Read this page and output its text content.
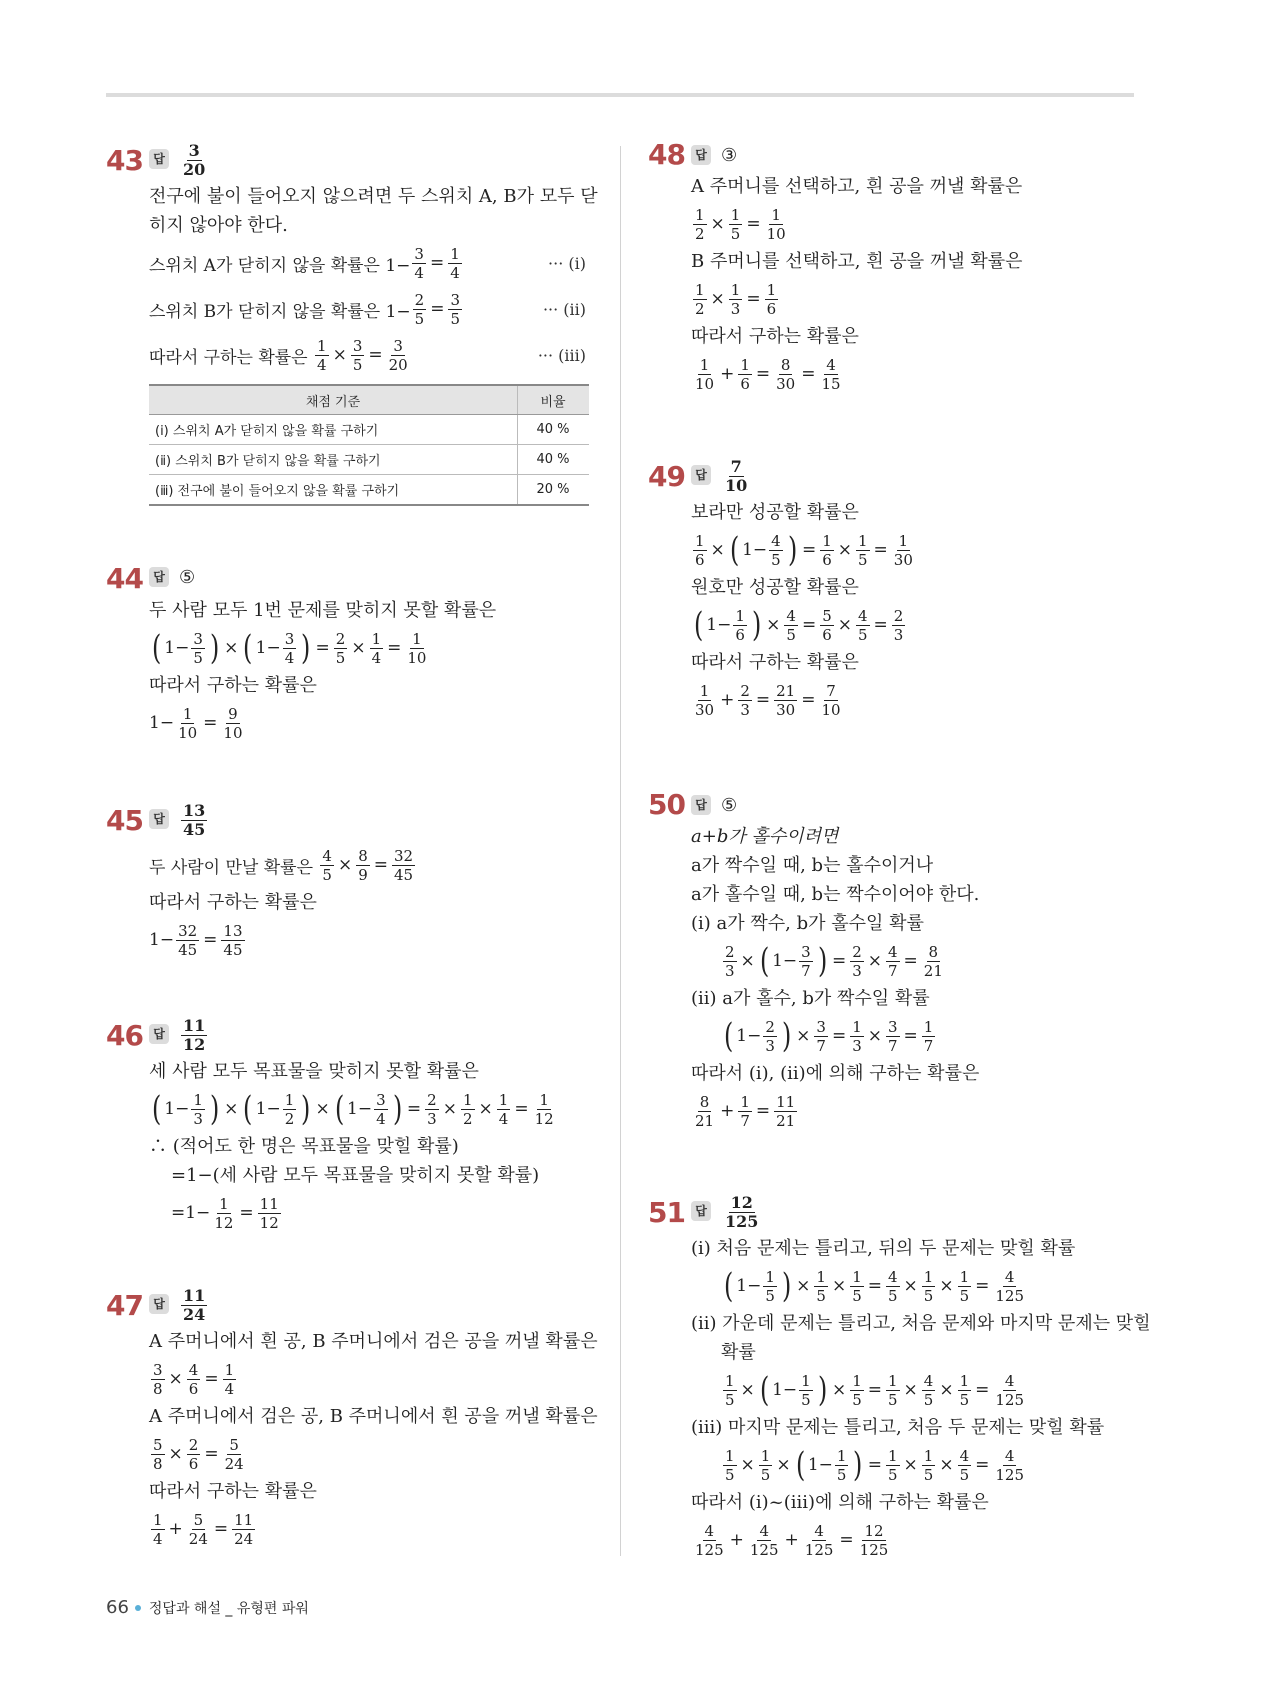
43 답 $\frac{3}{20}$
전구에 불이 들어오지 않으려면 두 스위치 A, B가 모두 닫
히지 않아야 한다.
스위치 A가 닫히지 않을 확률은 $1- \frac{3}{4} = \frac{1}{4}$	··· (ⅰ)
스위치 B가 닫히지 않을 확률은 $1- \frac{2}{5} = \frac{3}{5}$	··· (ⅱ)
따라서 구하는 확률은
$\frac{1}{4} \times \frac{3}{5} = \frac{3}{20}$	··· (ⅲ)
채점 기준	비율
(ⅰ) 스위치 A가 닫히지 않을 확률 구하기	40 %
(ⅱ) 스위치 B가 닫히지 않을 확률 구하기	40 %
(ⅲ) 전구에 불이 들어오지 않을 확률 구하기	20 %
44 답 ⑤
두 사람 모두 1번 문제를 맞히지 못할 확률은
( $1- \frac{3}{5}$ ) × ( $1- \frac{3}{4}$ ) = $\frac{2}{5} \times \frac{1}{4} = \frac{1}{10}$
따라서 구하는 확률은
$1- \frac{1}{10} = \frac{9}{10}$
45 답 $\frac{13}{45}$
두 사람이 만날 확률은
$\frac{4}{5} \times \frac{8}{9} = \frac{32}{45}$
따라서 구하는 확률은
$1- \frac{32}{45} = \frac{13}{45}$
46 답 $\frac{11}{12}$
세 사람 모두 목표물을 맞히지 못할 확률은
( $1- \frac{1}{3}$ ) × ( $1- \frac{1}{2}$ ) × ( $1- \frac{3}{4}$ ) = $\frac{2}{3} \times \frac{1}{2} \times \frac{1}{4} = \frac{1}{12}$
∴ (적어도 한 명은 목표물을 맞힐 확률)
=1−(세 사람 모두 목표물을 맞히지 못할 확률)
$=1- \frac{1}{12} = \frac{11}{12}$
47 답 $\frac{11}{24}$
A 주머니에서 흰 공, B 주머니에서 검은 공을 꺼낼 확률은
$\frac{3}{8} \times \frac{4}{6} = \frac{1}{4}$
A 주머니에서 검은 공, B 주머니에서 흰 공을 꺼낼 확률은
$\frac{5}{8} \times \frac{2}{6} = \frac{5}{24}$
따라서 구하는 확률은
$\frac{1}{4} + \frac{5}{24} = \frac{11}{24}$
48 답 ③
A 주머니를 선택하고, 흰 공을 꺼낼 확률은
$\frac{1}{2} \times \frac{1}{5} = \frac{1}{10}$
B 주머니를 선택하고, 흰 공을 꺼낼 확률은
$\frac{1}{2} \times \frac{1}{3} = \frac{1}{6}$
따라서 구하는 확률은
$\frac{1}{10} + \frac{1}{6} = \frac{8}{30} = \frac{4}{15}$
49 답 $\frac{7}{10}$
보라만 성공할 확률은
$\frac{1}{6}$ × ( $1- \frac{4}{5}$ ) = $\frac{1}{6} \times \frac{1}{5} = \frac{1}{30}$
원호만 성공할 확률은
( $1- \frac{1}{6}$ ) × $\frac{4}{5} = \frac{5}{6} \times \frac{4}{5} = \frac{2}{3}$
따라서 구하는 확률은
$\frac{1}{30} + \frac{2}{3} = \frac{21}{30} = \frac{7}{10}$
50 답 ⑤
a+b가 홀수이려면
a가 짝수일 때, b는 홀수이거나
a가 홀수일 때, b는 짝수이어야 한다.
(ⅰ) a가 짝수, b가 홀수일 확률
$\frac{2}{3}$ × ( $1- \frac{3}{7}$ ) = $\frac{2}{3} \times \frac{4}{7} = \frac{8}{21}$
(ⅱ) a가 홀수, b가 짝수일 확률
( $1- \frac{2}{3}$ ) × $\frac{3}{7} = \frac{1}{3} \times \frac{3}{7} = \frac{1}{7}$
따라서 (ⅰ), (ⅱ)에 의해 구하는 확률은
$\frac{8}{21} + \frac{1}{7} = \frac{11}{21}$
51 답 $\frac{12}{125}$
(ⅰ) 처음 문제는 틀리고, 뒤의 두 문제는 맞힐 확률
( $1- \frac{1}{5}$ ) × $\frac{1}{5} \times \frac{1}{5} = \frac{4}{5} \times \frac{1}{5} \times \frac{1}{5} = \frac{4}{125}$
(ⅱ) 가운데 문제는 틀리고, 처음 문제와 마지막 문제는 맞힐
확률
$\frac{1}{5}$ × ( $1- \frac{1}{5}$ ) × $\frac{1}{5} = \frac{1}{5} \times \frac{4}{5} \times \frac{1}{5} = \frac{4}{125}$
(ⅲ) 마지막 문제는 틀리고, 처음 두 문제는 맞힐 확률
$\frac{1}{5} \times \frac{1}{5}$ × ( $1- \frac{1}{5}$ ) = $\frac{1}{5} \times \frac{1}{5} \times \frac{4}{5} = \frac{4}{125}$
따라서 (ⅰ)~(ⅲ)에 의해 구하는 확률은
$\frac{4}{125} + \frac{4}{125} + \frac{4}{125} = \frac{12}{125}$
66 정답과 해설 _ 유형편 파워
